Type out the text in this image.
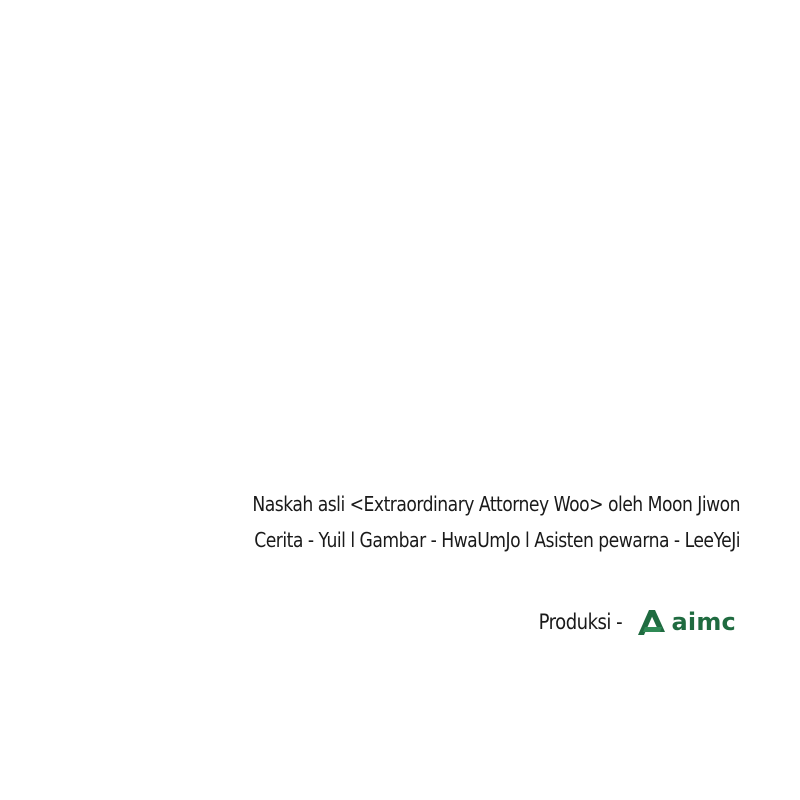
Naskah asli <Extraordinary Attorney Woo> oleh Moon Jiwon
Cerita - Yuil l Gambar - HwaUmJo l Asisten pewarna - LeeYeJi
Produksi - aimc
